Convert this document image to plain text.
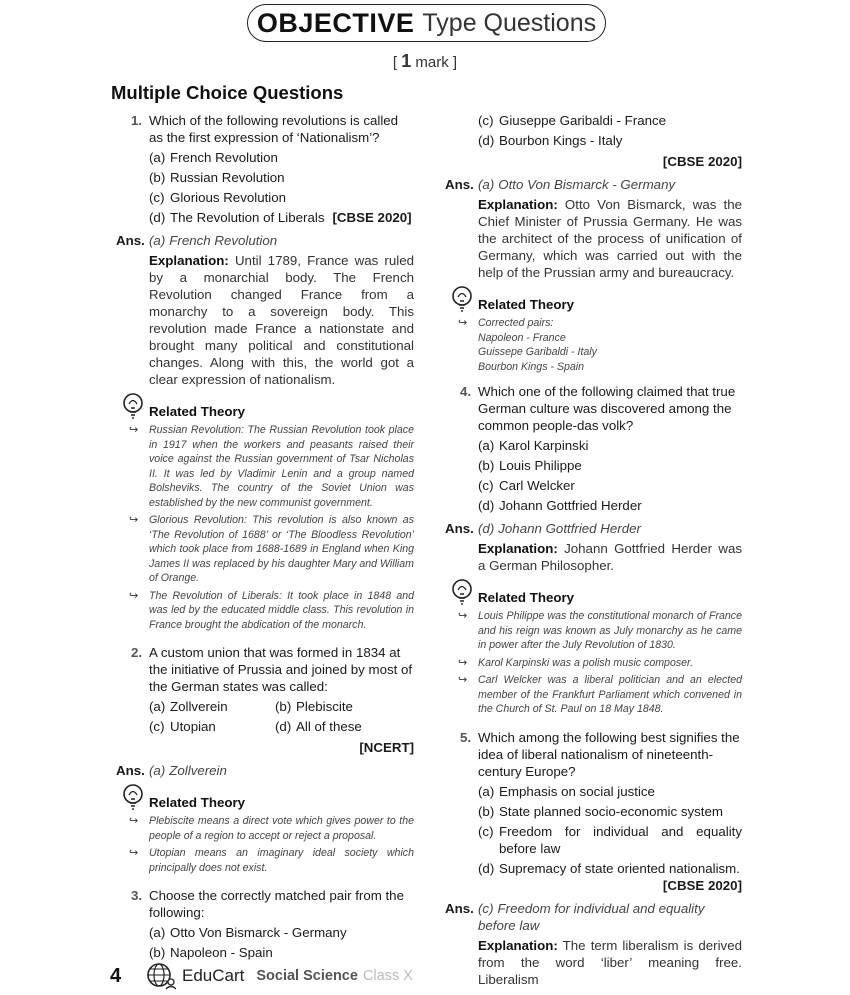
OBJECTIVE Type Questions
[ 1 mark ]
Multiple Choice Questions
1. Which of the following revolutions is called as the first expression of ‘Nationalism’?
(a) French Revolution
(b) Russian Revolution
(c) Glorious Revolution
(d) The Revolution of Liberals [CBSE 2020]
Ans. (a) French Revolution
Explanation: Until 1789, France was ruled by a monarchial body. The French Revolution changed France from a monarchy to a sovereign body. This revolution made France a nationstate and brought many political and constitutional changes. Along with this, the world got a clear expression of nationalism.
Related Theory
↪ Russian Revolution: The Russian Revolution took place in 1917 when the workers and peasants raised their voice against the Russian government of Tsar Nicholas II. It was led by Vladimir Lenin and a group named Bolsheviks. The country of the Soviet Union was established by the new communist government.
↪ Glorious Revolution: This revolution is also known as ‘The Revolution of 1688’ or ‘The Bloodless Revolution’ which took place from 1688-1689 in England when King James II was replaced by his daughter Mary and William of Orange.
↪ The Revolution of Liberals: It took place in 1848 and was led by the educated middle class. This revolution in France brought the abdication of the monarch.
2. A custom union that was formed in 1834 at the initiative of Prussia and joined by most of the German states was called:
(a) Zollverein	(b) Plebiscite
(c) Utopian	(d) All of these
[NCERT]
Ans. (a) Zollverein
Related Theory
↪ Plebiscite means a direct vote which gives power to the people of a region to accept or reject a proposal.
↪ Utopian means an imaginary ideal society which principally does not exist.
3. Choose the correctly matched pair from the following:
(a) Otto Von Bismarck - Germany
(b) Napoleon - Spain
(c) Giuseppe Garibaldi - France
(d) Bourbon Kings - Italy
[CBSE 2020]
Ans. (a) Otto Von Bismarck - Germany
Explanation: Otto Von Bismarck, was the Chief Minister of Prussia Germany. He was the architect of the process of unification of Germany, which was carried out with the help of the Prussian army and bureaucracy.
Related Theory
↪ Corrected pairs:
Napoleon - France
Guissepe Garibaldi - Italy
Bourbon Kings - Spain
4. Which one of the following claimed that true German culture was discovered among the common people-das volk?
(a) Karol Karpinski
(b) Louis Philippe
(c) Carl Welcker
(d) Johann Gottfried Herder
Ans. (d) Johann Gottfried Herder
Explanation: Johann Gottfried Herder was a German Philosopher.
Related Theory
↪ Louis Philippe was the constitutional monarch of France and his reign was known as July monarchy as he came in power after the July Revolution of 1830.
↪ Karol Karpinski was a polish music composer.
↪ Carl Welcker was a liberal politician and an elected member of the Frankfurt Parliament which convened in the Church of St. Paul on 18 May 1848.
5. Which among the following best signifies the idea of liberal nationalism of nineteenth-century Europe?
(a) Emphasis on social justice
(b) State planned socio-economic system
(c) Freedom for individual and equality before law
(d) Supremacy of state oriented nationalism.
[CBSE 2020]
Ans. (c) Freedom for individual and equality before law
Explanation: The term liberalism is derived from the word ‘liber’ meaning free. Liberalism
4	EduCart Social Science Class X
